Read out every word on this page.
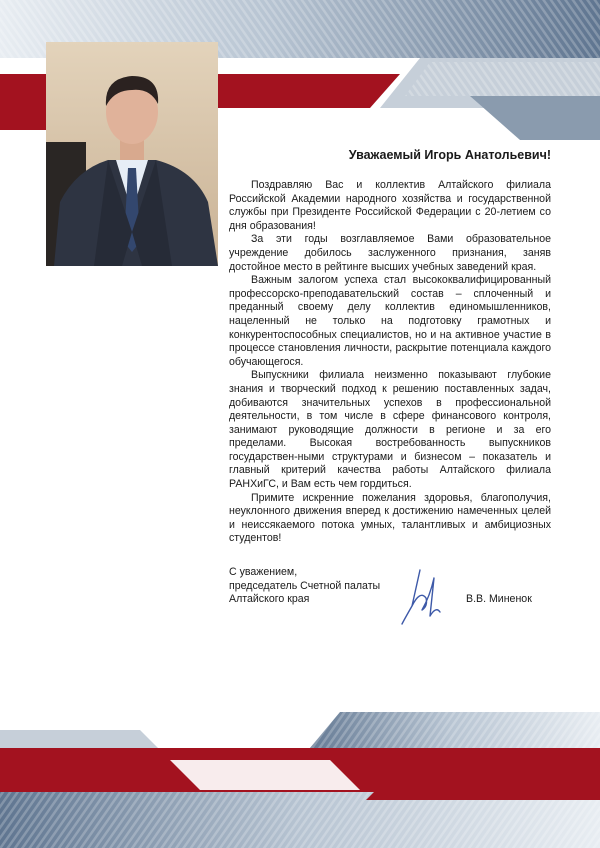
Уважаемый Игорь Анатольевич!

Поздравляю Вас и коллектив Алтайского филиала Российской Академии народного хозяйства и государственной службы при Президенте Российской Федерации с 20-летием со дня образования!

За эти годы возглавляемое Вами образовательное учреждение добилось заслуженного признания, заняв достойное место в рейтинге высших учебных заведений края.

Важным залогом успеха стал высококвалифицированный профессорско-преподавательский состав – сплоченный и преданный своему делу коллектив единомышленников, нацеленный не только на подготовку грамотных и конкурентоспособных специалистов, но и на активное участие в процессе становления личности, раскрытие потенциала каждого обучающегося.

Выпускники филиала неизменно показывают глубокие знания и творческий подход к решению поставленных задач, добиваются значительных успехов в профессиональной деятельности, в том числе в сфере финансового контроля, занимают руководящие должности в регионе и за его пределами. Высокая востребованность выпускников государствен-ными структурами и бизнесом – показатель и главный критерий качества работы Алтайского филиала РАНХиГС, и Вам есть чем гордиться.

Примите искренние пожелания здоровья, благополучия, неуклонного движения вперед к достижению намеченных целей и неиссякаемого потока умных, талантливых и амбициозных студентов!

С уважением,
председатель Счетной палаты
Алтайского края	В.В. Миненок
